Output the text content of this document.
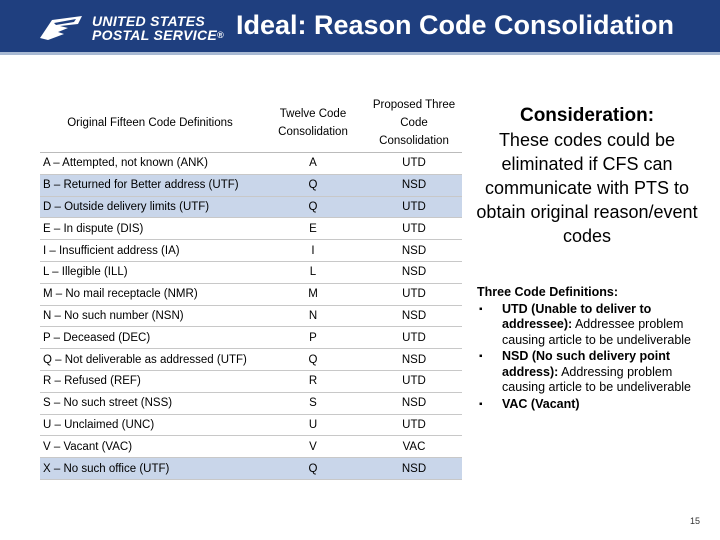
UNITED STATES
POSTAL SERVICE® Ideal: Reason Code Consolidation
Original Fifteen Code Definitions	Twelve Code Consolidation	Proposed Three Code Consolidation
A – Attempted, not known (ANK)	A	UTD
B – Returned for Better address (UTF)	Q	NSD
D – Outside delivery limits (UTF)	Q	UTD
E – In dispute (DIS)	E	UTD
I – Insufficient address (IA)	I	NSD
L – Illegible (ILL)	L	NSD
M – No mail receptacle (NMR)	M	UTD
N – No such number (NSN)	N	NSD
P – Deceased (DEC)	P	UTD
Q – Not deliverable as addressed (UTF)	Q	NSD
R – Refused (REF)	R	UTD
S – No such street (NSS)	S	NSD
U – Unclaimed (UNC)	U	UTD
V – Vacant (VAC)	V	VAC
X – No such office (UTF)	Q	NSD
Consideration:
These codes could be eliminated if CFS can communicate with PTS to obtain original reason/event codes
Three Code Definitions:
▪ UTD (Unable to deliver to addressee): Addressee problem causing article to be undeliverable
▪ NSD (No such delivery point address): Addressing problem causing article to be undeliverable
▪ VAC (Vacant)
15
